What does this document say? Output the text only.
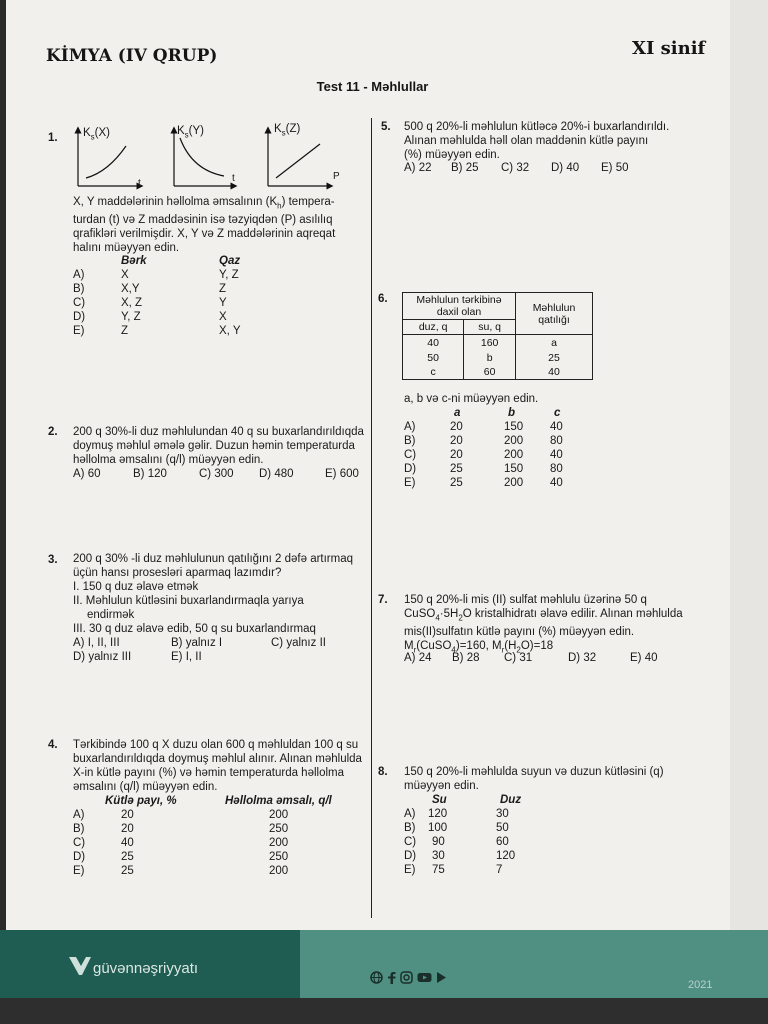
KİMYA (IV QRUP)	XI sinif
Test 11 - Məhlullar
1. $K_s(X)$	$K_s(Y)$	$K_s(Z)$
t	t	P
X, Y maddələrinin həllolma əmsalının $(K_h)$ tempera-
turdan (t) və Z maddəsinin isə təzyiqdən (P) asılılıq
qrafikləri verilmişdir. X, Y və Z maddələrinin aqreqat
halını müəyyən edin.
Bərk	Qaz
A)	X	Y, Z
B)	X,Y	Z
C)	X, Z	Y
D)	Y, Z	X
E)	Z	X, Y
2. 200 q 30%-li duz məhlulundan 40 q su buxarlandırıldıqda
doymuş məhlul əmələ gəlir. Duzun həmin temperaturda
həllolma əmsalını (q/l) müəyyən edin.
A) 60	B) 120	C) 300	D) 480	E) 600
3. 200 q 30% -li duz məhlulunun qatılığını 2 dəfə artırmaq
üçün hansı prosesləri aparmaq lazımdır?
I. 150 q duz əlavə etmək
II. Məhlulun kütləsini buxarlandırmaqla yarıya
endirmək
III. 30 q duz əlavə edib, 50 q su buxarlandırmaq
A) I, II, III	B) yalnız I	C) yalnız II
D) yalnız III	E) I, II
4. Tərkibində 100 q X duzu olan 600 q məhluldan 100 q su
buxarlandırıldıqda doymuş məhlul alınır. Alınan məhlulda
X-in kütlə payını (%) və həmin temperaturda həllolma
əmsalını (q/l) müəyyən edin.
Kütlə payı, %	Həllolma əmsalı, q/l
A)	20	200
B)	20	250
C)	40	200
D)	25	250
E)	25	200
5. 500 q 20%-li məhlulun kütləcə 20%-i buxarlandırıldı.
Alınan məhlulda həll olan maddənin kütlə payını
(%) müəyyən edin.
A) 22	B) 25	C) 32	D) 40	E) 50
6.	Məhlulun tərkibinə daxil olan		Məhlulun qatılığı
duz, q	su, q	
40	160	a
50	b	25
c	60	40
a, b və c-ni müəyyən edin.
a	b	c
A)	20	150	40
B)	20	200	80
C)	20	200	40
D)	25	150	80
E)	25	200	40
7. 150 q 20%-li mis (II) sulfat məhlulu üzərinə 50 q
$CuSO_4\cdot 5H_2O$ kristalhidratı əlavə edilir. Alınan məhlulda
mis(II)sulfatın kütlə payını (%) müəyyən edin.
$M_r(CuSO_4)=160$, $M_r(H_2O)=18$
A) 24	B) 28	C) 31	D) 32	E) 40
8. 150 q 20%-li məhlulda suyun və duzun kütləsini (q)
müəyyən edin.
Su	Duz
A)	120	30
B)	100	50
C)	90	60
D)	30	120
E)	75	7
güvənnəşriyyatı
2021
